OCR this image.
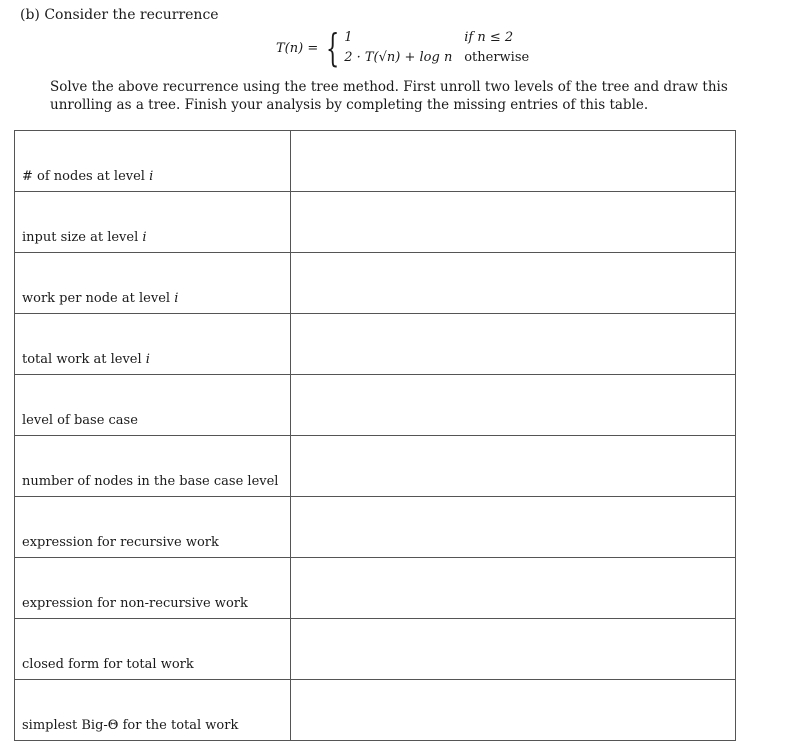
(b) Consider the recurrence
T(n) = { 1	if n ≤ 2
2 · T(√n) + log n otherwise
Solve the above recurrence using the tree method. First unroll two levels of the tree and draw this unrolling as a tree. Finish your analysis by completing the missing entries of this table.
# of nodes at level i	
input size at level i	
work per node at level i	
total work at level i	
level of base case	
number of nodes in the base case level	
expression for recursive work	
expression for non-recursive work	
closed form for total work	
simplest Big-Θ for the total work	
